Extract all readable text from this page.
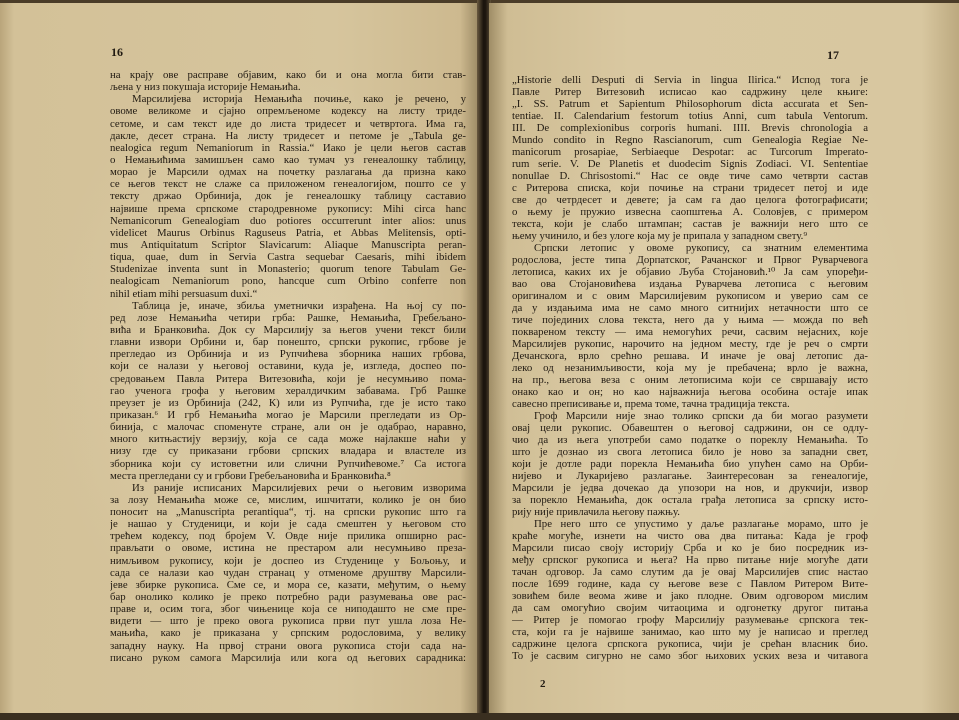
16
на крају ове расправе објавим, како би и она могла бити став-
љена у низ покушаја историје Немањића.
Марсилијева историја Немањића почиње, како је речено, у
овоме великоме и сјајно опремљеноме кодексу на листу триде-
сетоме, и сам текст иде до листа тридесет и четвртога. Има га,
дакле, десет страна. На листу тридесет и петоме је „Tabula ge-
nealogica regum Nemaniorum in Rassia.“ Иако је цели његов састав
о Немањићима замишљен само као тумач уз генеалошку таблицу,
морао је Марсили одмах на почетку разлагања да призна како
се његов текст не слаже са приложеном генеалогијом, пошто се у
тексту држао Орбинија, док је генеалошку таблицу саставио
највише према српскоме стародревноме рукопису: Mihi circa hanc
Nemanicorum Genealogiam duo potiores occurrerunt inter alios: unus
videlicet Maurus Orbinus Raguseus Patria, et Abbas Melitensis, opti-
mus Antiquitatum Scriptor Slavicarum: Aliaque Manuscripta peran-
tiqua, quae, dum in Servia Castra sequebar Caesaris, mihi ibidem
Studenizae inventa sunt in Monasterio; quorum tenore Tabulam Ge-
nealogicam Nemaniorum pono, hancque cum Orbino conferre non
nihil etiam mihi persuasum duxi.“
Таблица је, иначе, збиља уметнички израђена. На њој су по-
ред лозе Немањића четири грба: Рашке, Немањића, Гребељано-
вића и Бранковића. Док су Марсилију за његов учени текст били
главни извори Орбини и, бар понешто, српски рукопис, грбове је
прегледао из Орбинија и из Рупчићева зборника наших грбова,
који се налази у његовој оставини, куда је, изгледа, доспео по-
средовањем Павла Ритера Витезовића, који је несумњиво пома-
гао ученога грофа у његовим хералдичким забавама. Грб Рашке
преузет је из Орбинија (242, К) или из Рупчића, где је исто тако
приказан.⁶ И грб Немањића могао је Марсили прегледати из Ор-
бинија, с малочас споменуте стране, али он је одабрао, наравно,
много китњастију верзију, која се сада може најлакше наћи у
низу где су приказани грбови српских владара и властеле из
зборника који су истоветни или слични Рупчићевоме.⁷ Са истога
места прегледани су и грбови Гребељановића и Бранковића.⁸
Из раније исписаних Марсилијевих речи о његовим изворима
за лозу Немањића може се, мислим, ишчитати, колико је он био
поносит на „Manuscripta perantiqua“, тј. на српски рукопис што га
је нашао у Студеници, и који је сада смештен у његовом сто
трећем кодексу, под бројем V. Овде није прилика опширно рас-
прављати о овоме, истина не престаром али несумњиво преза-
нимљивом рукопису, који је доспео из Студенице у Бољоњу, и
сада се налази као чудан странац у отменоме друштву Марсили-
јеве збирке рукописа. Сме се, и мора се, казати, међутим, о њему
бар онолико колико је преко потребно ради разумевања ове рас-
праве и, осим тога, због чињенице која се ниподашто не сме пре-
видети — што је преко овога рукописа први пут ушла лоза Не-
мањића, како је приказана у српским родословима, у велику
западну науку. На првој страни овога рукописа стоји сада на-
писано руком самога Марсилија или кога од његових сарадника:
17
„Historie delli Desputi di Servia in lingua Ilirica.“ Испод тога је
Павле Ритер Витезовић исписао као садржину целе књиге:
„I. SS. Patrum et Sapientum Philosophorum dicta accurata et Sen-
tentiae. II. Calendarium festorum totius Anni, cum tabula Ventorum.
III. De complexionibus corporis humani. IIII. Brevis chronologia a
Mundo condito in Regno Rascianorum, cum Genealogia Regiae Ne-
manicorum prosapiae, Serbiaeque Despotar: ac Turcorum Imperato-
rum serie. V. De Planetis et duodecim Signis Zodiaci. VI. Sententiae
nonullae D. Chrisostomi.“ Нас се овде тиче само четврти састав
с Ритерова списка, који почиње на страни тридесет петој и иде
све до четрдесет и девете; ја сам га дао целога фотографисати;
о њему је пружио извесна саопштења А. Соловјев, с примером
текста, који је слабо штампан; састав је важнији него што се
њему учинило, и без улоге која му је припала у западном свету.⁹
Српски летопис у овоме рукопису, са знатним елементима
родослова, јесте типа Дорпатског, Рачанског и Првог Руварчевога
летописа, каких их је објавио Љуба Стојановић.¹⁰ Ја сам упоређи-
вао ова Стојановићева издања Руварчева летописа с његовим
оригиналом и с овим Марсилијевим рукописом и уверио сам се
да у издањима има не само много ситнијих нетачности што се
тиче појединих слова текста, него да у њима — можда по већ
поквареном тексту — има немогућих речи, сасвим нејасних, које
Марсилијев рукопис, нарочито на једном месту, где је реч о смрти
Дечанскога, врло срећно решава. И иначе је овај летопис да-
леко од незанимљивости, која му је пребачена; врло је важна,
на пр., његова веза с оним летописима који се свршавају исто
онако као и он; но као најважнија његова особина остаје ипак
савесно преписивање и, према томе, тачна традиција текста.
Гроф Марсили није знао толико српски да би могао разумети
овај цели рукопис. Обавештен о његовој садржини, он се одлу-
чио да из њега употреби само податке о пореклу Немањића. То
што је дознао из свога летописа било је ново за западни свет,
који је дотле ради порекла Немањића био упућен само на Орби-
нијево и Лукаријево разлагање. Заинтересован за генеалогије,
Марсили је једва дочекао да упозори на нов, и друкчији, извор
за порекло Немањића, док остала грађа летописа за српску исто-
рију није привлачила његову пажњу.
Пре него што се упустимо у даље разлагање морамо, што је
краће могуће, изнети на чисто ова два питања: Када је гроф
Марсили писао своју историју Срба и ко је био посредник из-
међу српског рукописа и њега? На прво питање није могуће дати
тачан одговор. Ја само слутим да је овај Марсилијев спис настао
после 1699 године, када су његове везе с Павлом Ритером Вите-
зовићем биле веома живе и јако плодне. Овим одговором мислим
да сам омогућио својим читаоцима и одгонетку другог питања
— Ритер је помогао грофу Марсилију разумевање српскога тек-
ста, који га је највише занимао, као што му је написао и преглед
садржине целога српскога рукописа, чији је срећан власник био.
То је сасвим сигурно не само због њихових уских веза и читавога
2
